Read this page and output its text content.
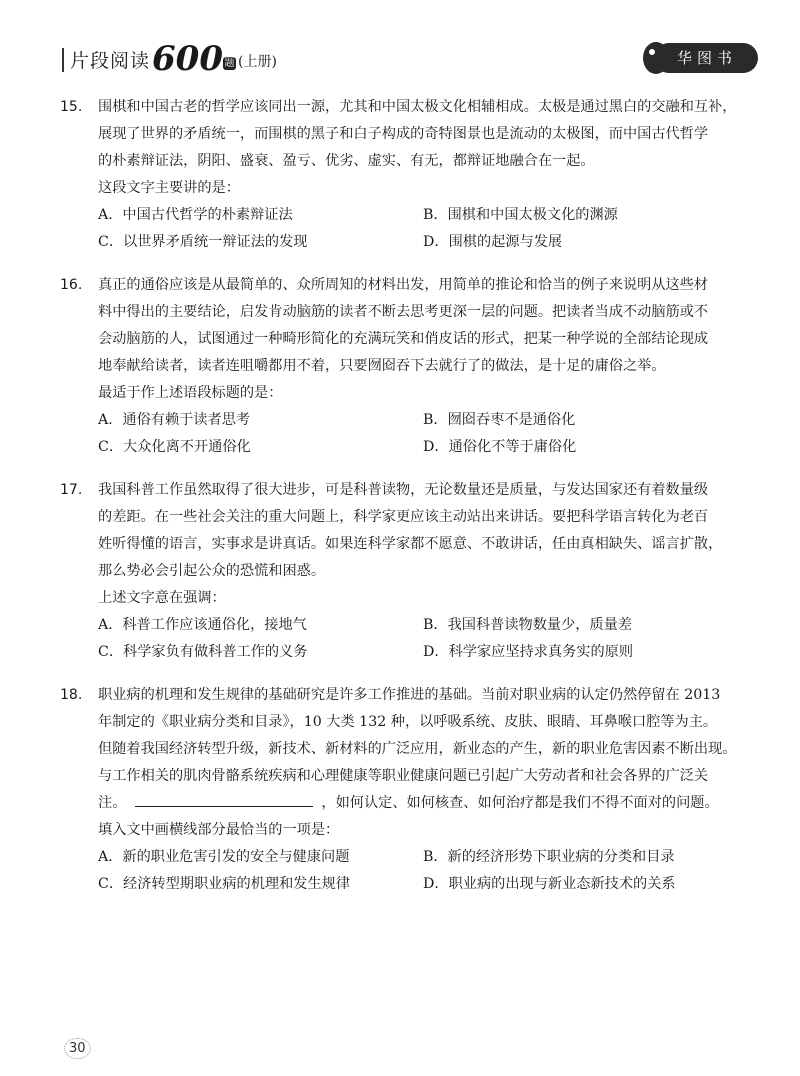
片段阅读 600 题 (上册)	华图书
15. 围棋和中国古老的哲学应该同出一源，尤其和中国太极文化相辅相成。太极是通过黑白的交融和互补，
展现了世界的矛盾统一，而围棋的黑子和白子构成的奇特图景也是流动的太极图，而中国古代哲学
的朴素辩证法，阴阳、盛衰、盈亏、优劣、虚实、有无，都辩证地融合在一起。
这段文字主要讲的是：
A．中国古代哲学的朴素辩证法	B．围棋和中国太极文化的渊源
C．以世界矛盾统一辩证法的发现	D．围棋的起源与发展
16. 真正的通俗应该是从最简单的、众所周知的材料出发，用简单的推论和恰当的例子来说明从这些材
料中得出的主要结论，启发肯动脑筋的读者不断去思考更深一层的问题。把读者当成不动脑筋或不
会动脑筋的人，试图通过一种畸形简化的充满玩笑和俏皮话的形式，把某一种学说的全部结论现成
地奉献给读者，读者连咀嚼都用不着，只要囫囵吞下去就行了的做法，是十足的庸俗之举。
最适于作上述语段标题的是：
A．通俗有赖于读者思考	B．囫囵吞枣不是通俗化
C．大众化离不开通俗化	D．通俗化不等于庸俗化
17. 我国科普工作虽然取得了很大进步，可是科普读物，无论数量还是质量，与发达国家还有着数量级
的差距。在一些社会关注的重大问题上，科学家更应该主动站出来讲话。要把科学语言转化为老百
姓听得懂的语言，实事求是讲真话。如果连科学家都不愿意、不敢讲话，任由真相缺失、谣言扩散，
那么势必会引起公众的恐慌和困惑。
上述文字意在强调：
A．科普工作应该通俗化，接地气	B．我国科普读物数量少，质量差
C．科学家负有做科普工作的义务	D．科学家应坚持求真务实的原则
18. 职业病的机理和发生规律的基础研究是许多工作推进的基础。当前对职业病的认定仍然停留在 2013
年制定的《职业病分类和目录》，10 大类 132 种，以呼吸系统、皮肤、眼睛、耳鼻喉口腔等为主。
但随着我国经济转型升级，新技术、新材料的广泛应用，新业态的产生，新的职业危害因素不断出现。
与工作相关的肌肉骨骼系统疾病和心理健康等职业健康问题已引起广大劳动者和社会各界的广泛关
注。	，如何认定、如何核查、如何治疗都是我们不得不面对的问题。
填入文中画横线部分最恰当的一项是：
A．新的职业危害引发的安全与健康问题	B．新的经济形势下职业病的分类和目录
C．经济转型期职业病的机理和发生规律	D．职业病的出现与新业态新技术的关系
30
